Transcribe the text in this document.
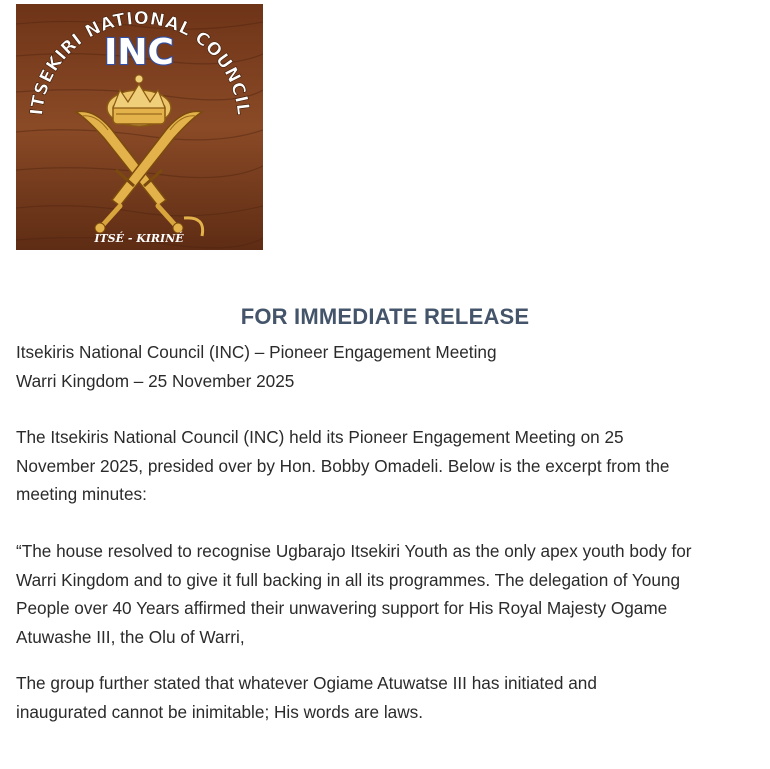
ITSEKIRI NATIONAL COUNCIL
INC
ITSÉ - KIRINÉ
FOR IMMEDIATE RELEASE

Itsekiris National Council (INC) – Pioneer Engagement Meeting
Warri Kingdom – 25 November 2025

The Itsekiris National Council (INC) held its Pioneer Engagement Meeting on 25
November 2025, presided over by Hon. Bobby Omadeli. Below is the excerpt from the
meeting minutes:

“The house resolved to recognise Ugbarajo Itsekiri Youth as the only apex youth body for
Warri Kingdom and to give it full backing in all its programmes. The delegation of Young
People over 40 Years affirmed their unwavering support for His Royal Majesty Ogame
Atuwashe III, the Olu of Warri,

The group further stated that whatever Ogiame Atuwatse III has initiated and
inaugurated cannot be inimitable; His words are laws.
